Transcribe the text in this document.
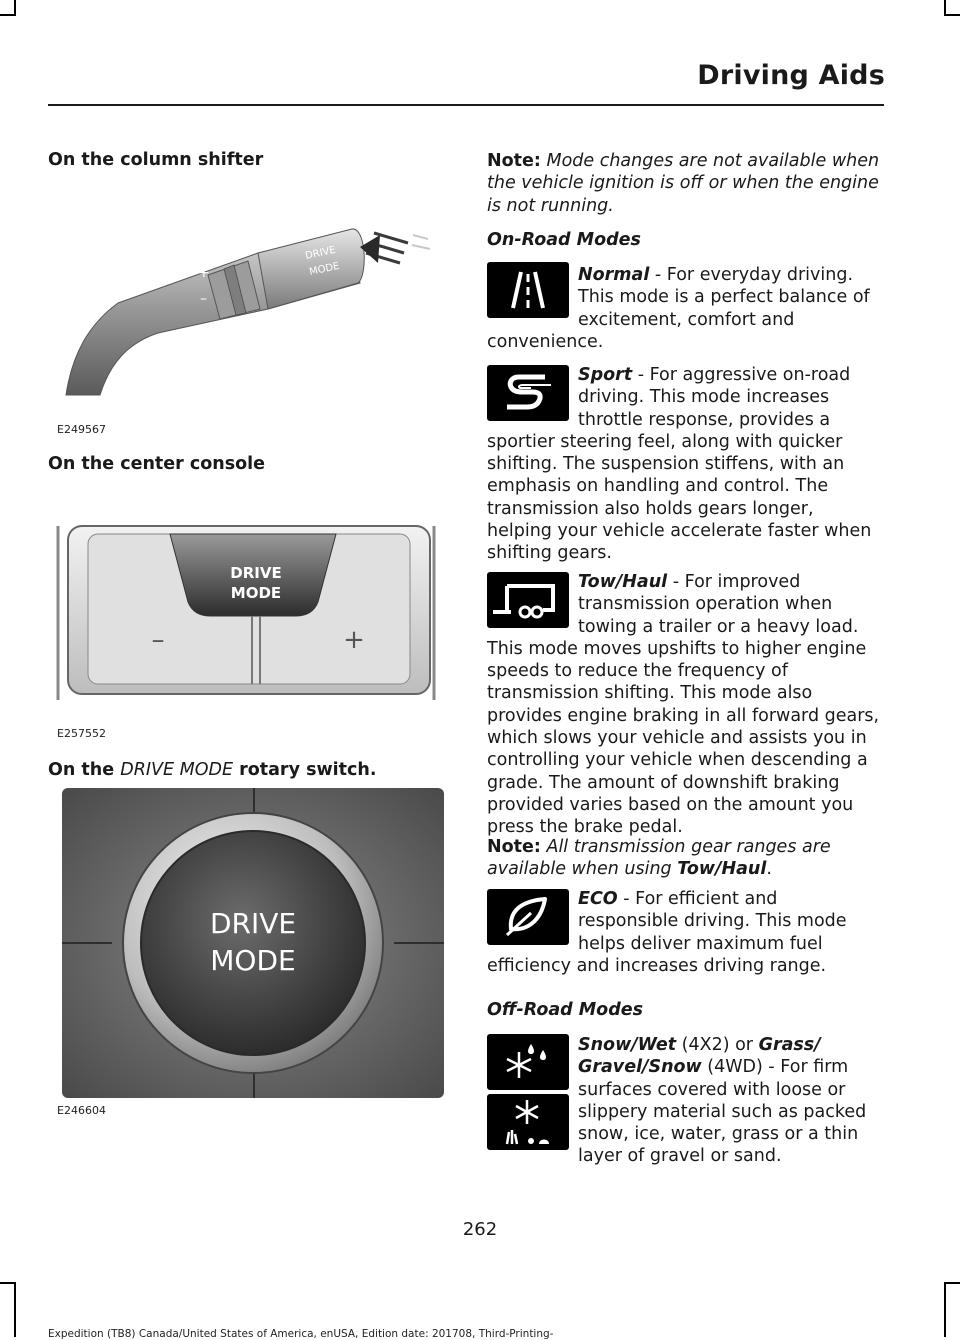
Driving Aids
On the column shifter
DRIVE
MODE
+
–
E249567
On the center console
DRIVE
MODE
–	+
E257552
On the DRIVE MODE rotary switch.
DRIVE
MODE
E246604
Note: Mode changes are not available when the vehicle ignition is off or when the engine is not running.
On-Road Modes
Normal - For everyday driving. This mode is a perfect balance of excitement, comfort and convenience.
Sport - For aggressive on-road driving. This mode increases throttle response, provides a sportier steering feel, along with quicker shifting. The suspension stiffens, with an emphasis on handling and control. The transmission also holds gears longer, helping your vehicle accelerate faster when shifting gears.
Tow/Haul - For improved transmission operation when towing a trailer or a heavy load. This mode moves upshifts to higher engine speeds to reduce the frequency of transmission shifting. This mode also provides engine braking in all forward gears, which slows your vehicle and assists you in controlling your vehicle when descending a grade. The amount of downshift braking provided varies based on the amount you press the brake pedal.
Note: All transmission gear ranges are available when using Tow/Haul.
ECO - For efficient and responsible driving. This mode helps deliver maximum fuel efficiency and increases driving range.
Off-Road Modes
Snow/Wet (4X2) or Grass/ Gravel/Snow (4WD) - For firm surfaces covered with loose or slippery material such as packed snow, ice, water, grass or a thin layer of gravel or sand.
262
Expedition (TB8) Canada/United States of America, enUSA, Edition date: 201708, Third-Printing-
